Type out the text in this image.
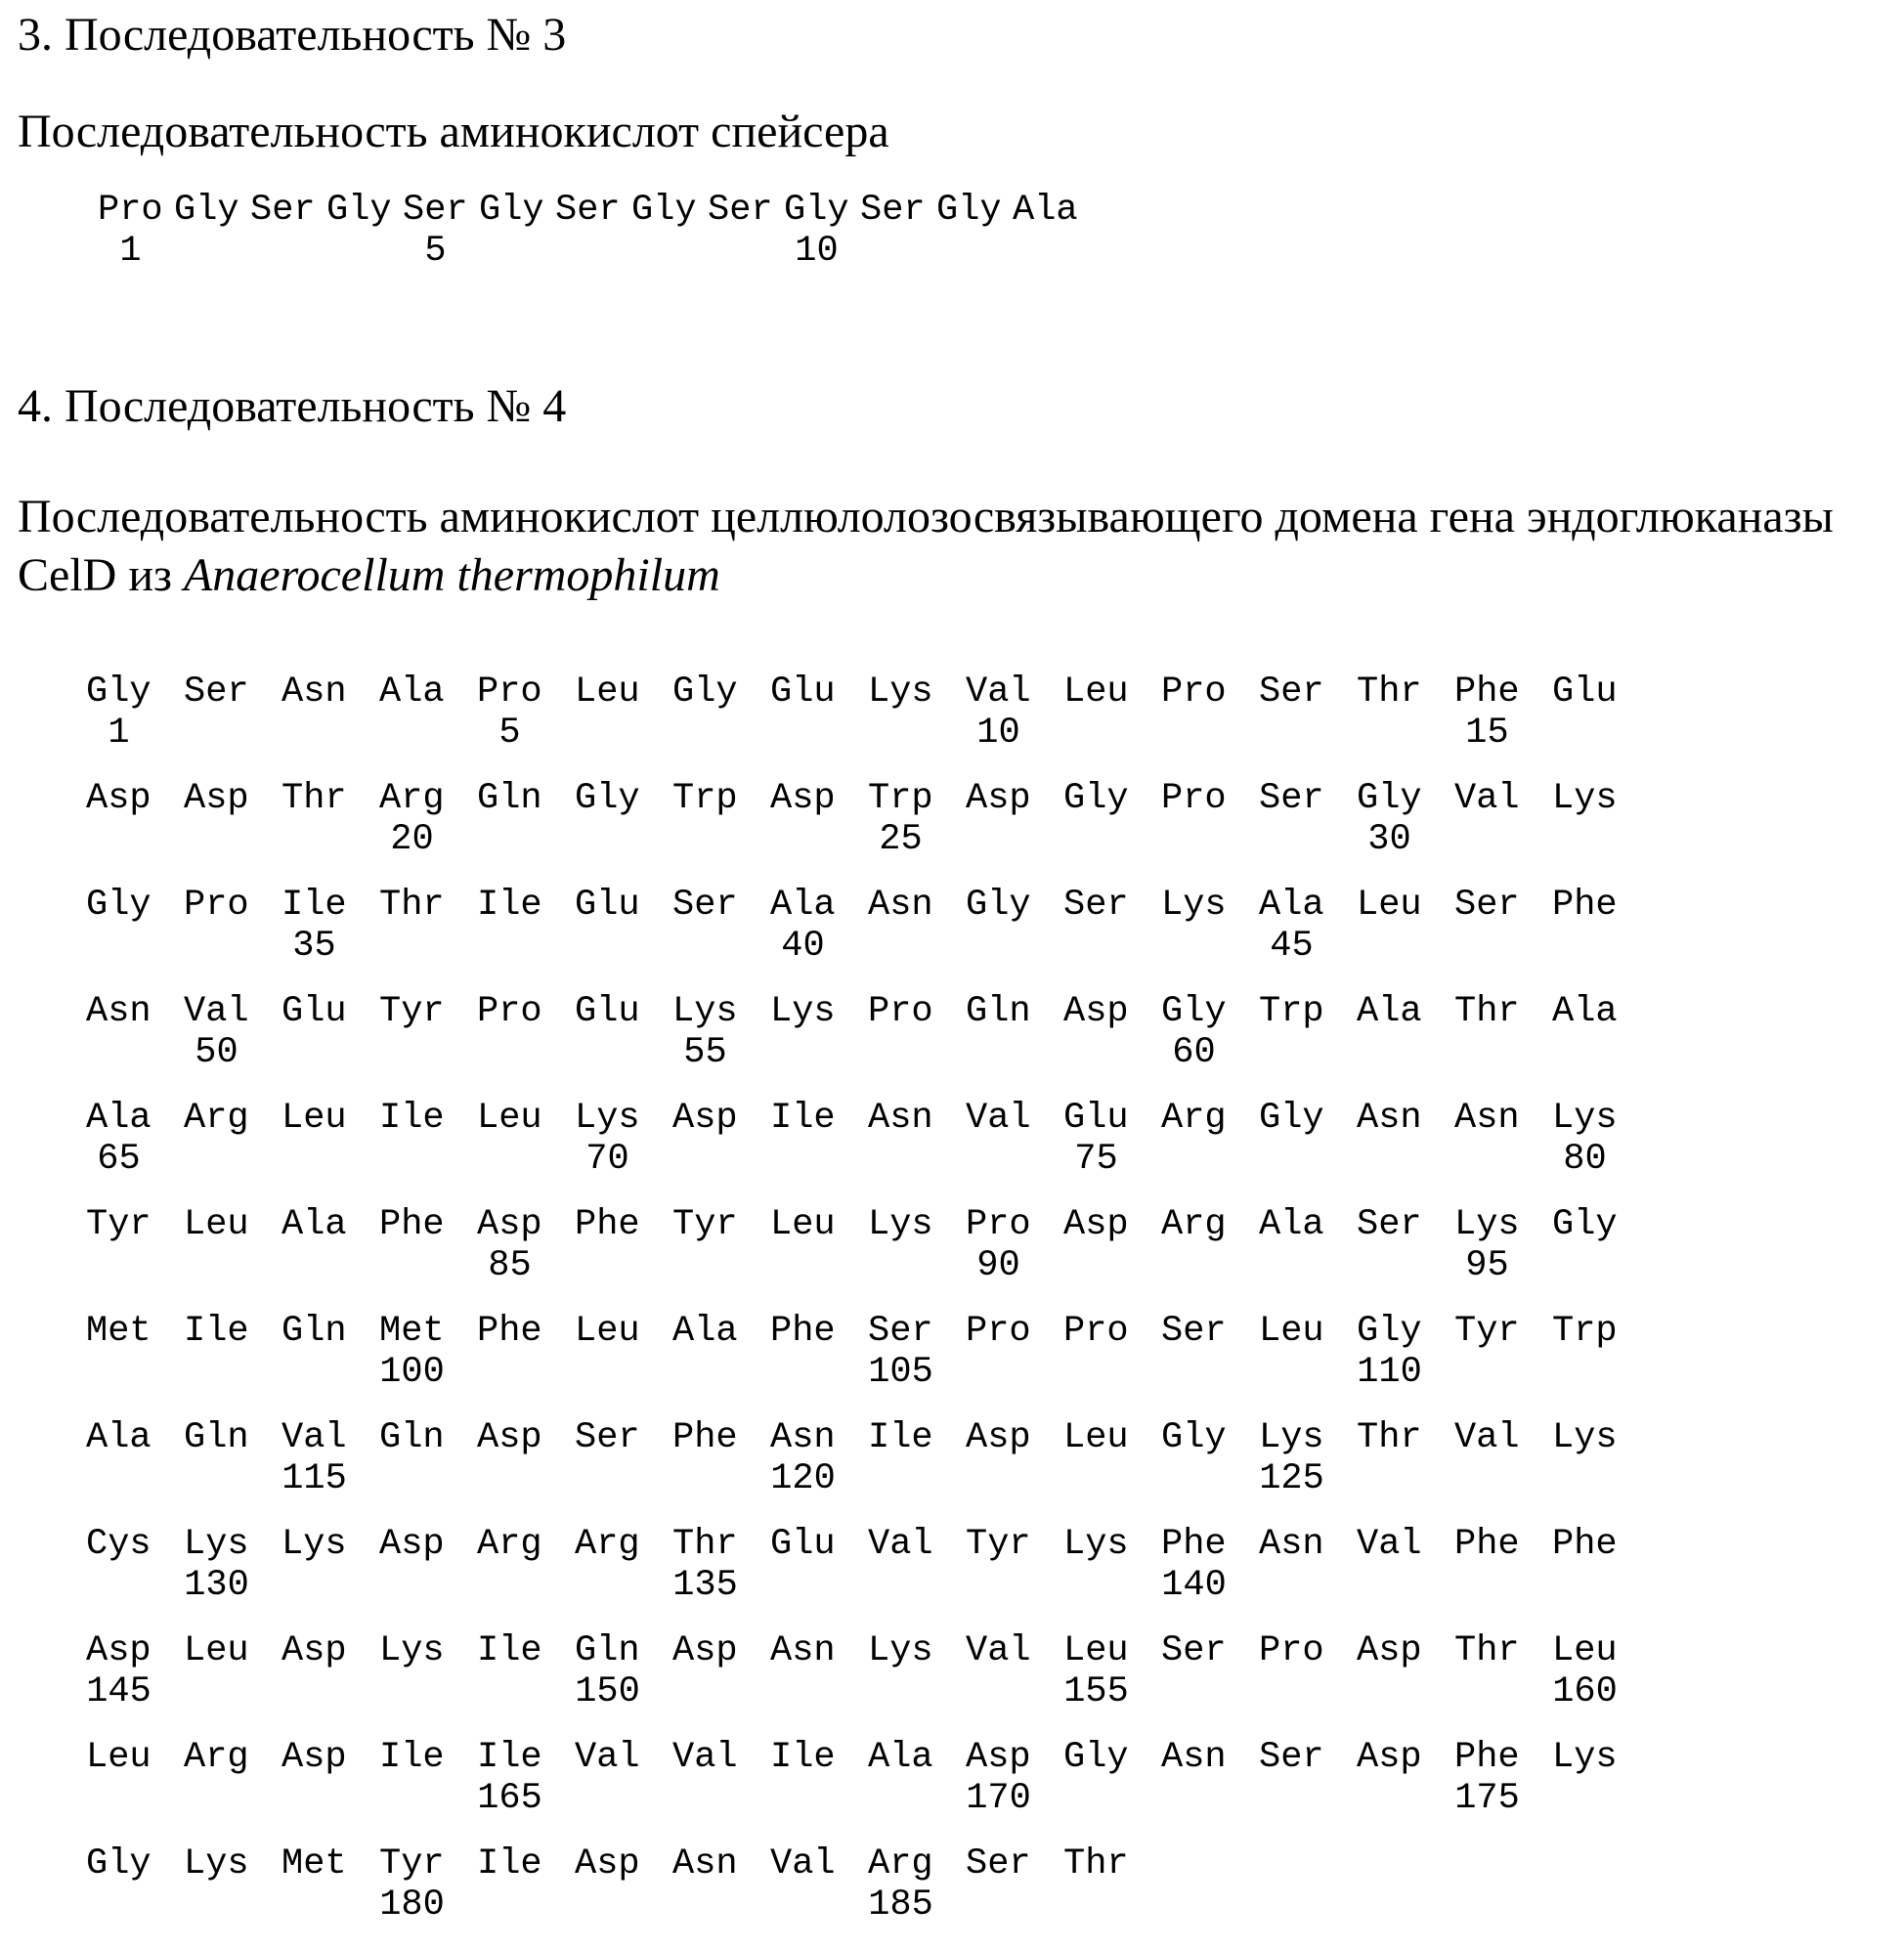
3. Последовательность № 3

Последовательность аминокислот спейсера

Pro
1
Gly Ser Gly Ser
5
Gly Ser Gly Ser Gly
10
Ser Gly Ala
4. Последовательность № 4

Последовательность аминокислот целлюлолозосвязывающего домена гена эндоглюканазы
CelD из Anaerocellum thermophilum

Gly
1
Ser Asn Ala Pro
5
Leu Gly Glu Lys Val
10
Leu Pro Ser Thr Phe
15
Glu
Asp Asp Thr Arg
20
Gln Gly Trp Asp Trp
25
Asp Gly Pro Ser Gly
30
Val Lys
Gly Pro Ile
35
Thr Ile Glu Ser Ala
40
Asn Gly Ser Lys Ala
45
Leu Ser Phe
Asn Val
50
Glu Tyr Pro Glu Lys
55
Lys Pro Gln Asp Gly
60
Trp Ala Thr Ala
Ala
65
Arg Leu Ile Leu Lys
70
Asp Ile Asn Val Glu
75
Arg Gly Asn Asn Lys
80
Tyr Leu Ala Phe Asp
85
Phe Tyr Leu Lys Pro
90
Asp Arg Ala Ser Lys
95
Gly
Met Ile Gln Met
100
Phe Leu Ala Phe Ser
105
Pro Pro Ser Leu Gly
110
Tyr Trp
Ala Gln Val
115
Gln Asp Ser Phe Asn
120
Ile Asp Leu Gly Lys
125
Thr Val Lys
Cys Lys
130
Lys Asp Arg Arg Thr
135
Glu Val Tyr Lys Phe
140
Asn Val Phe Phe
Asp
145
Leu Asp Lys Ile Gln
150
Asp Asn Lys Val Leu
155
Ser Pro Asp Thr Leu
160
Leu Arg Asp Ile Ile
165
Val Val Ile Ala Asp
170
Gly Asn Ser Asp Phe
175
Lys
Gly Lys Met Tyr
180
Ile Asp Asn Val Arg
185
Ser Thr
